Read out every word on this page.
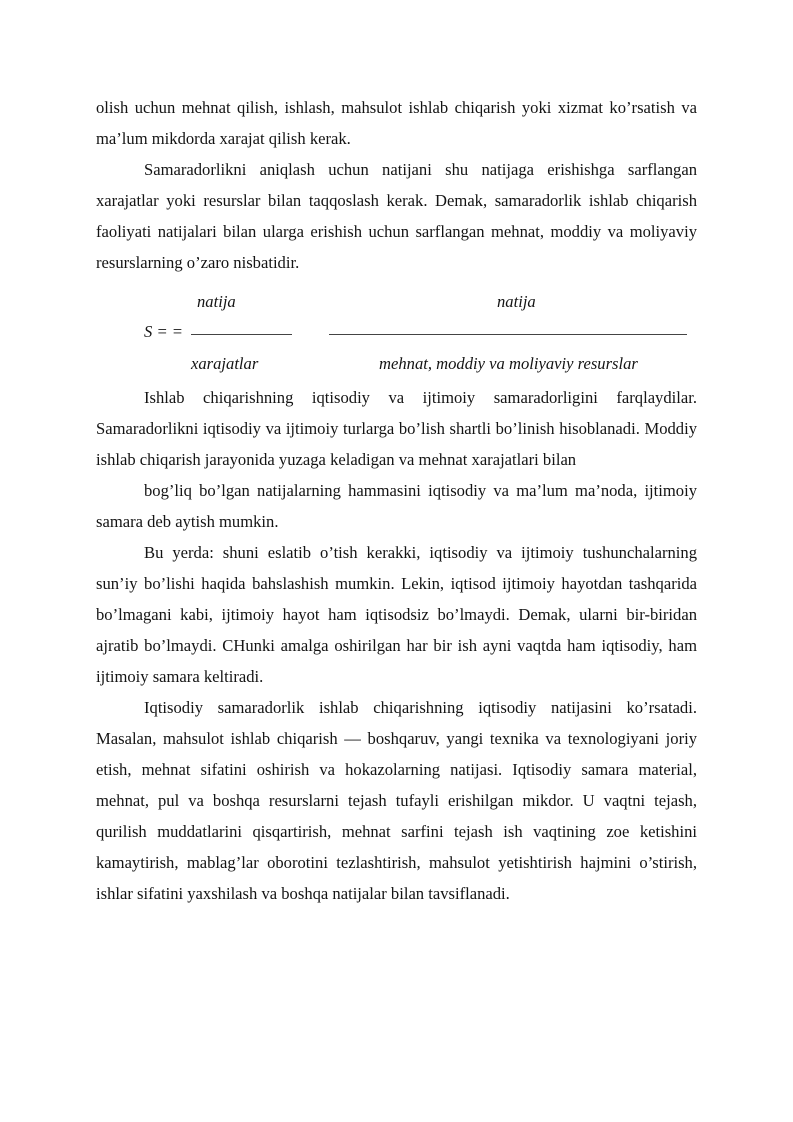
olish uchun mehnat qilish, ishlash, mahsulot ishlab chiqarish yoki xizmat ko’rsatish va ma’lum mikdorda xarajat qilish kerak.

Samaradorlikni aniqlash uchun natijani shu natijaga erishishga sarflangan xarajatlar yoki resurslar bilan taqqoslash kerak. Demak, samaradorlik ishlab chiqarish faoliyati natijalari bilan ularga erishish uchun sarflangan mehnat, moddiy va moliyaviy resurslarning o’zaro nisbatidir.

natija	natija
S = =
xarajatlar	mehnat, moddiy va moliyaviy resurslar

Ishlab chiqarishning iqtisodiy va ijtimoiy samaradorligini farqlaydilar. Samaradorlikni iqtisodiy va ijtimoiy turlarga bo’lish shartli bo’linish hisoblanadi. Moddiy ishlab chiqarish jarayonida yuzaga keladigan va mehnat xarajatlari bilan

bog’liq bo’lgan natijalarning hammasini iqtisodiy va ma’lum ma’noda, ijtimoiy samara deb aytish mumkin.

Bu yerda: shuni eslatib o’tish kerakki, iqtisodiy va ijtimoiy tushunchalarning sun’iy bo’lishi haqida bahslashish mumkin. Lekin, iqtisod ijtimoiy hayotdan tashqarida bo’lmagani kabi, ijtimoiy hayot ham iqtisodsiz bo’lmaydi. Demak, ularni bir-biridan ajratib bo’lmaydi. CHunki amalga oshirilgan har bir ish ayni vaqtda ham iqtisodiy, ham ijtimoiy samara keltiradi.

Iqtisodiy samaradorlik ishlab chiqarishning iqtisodiy natijasini ko’rsatadi. Masalan, mahsulot ishlab chiqarish — boshqaruv, yangi texnika va texnologiyani joriy etish, mehnat sifatini oshirish va hokazolarning natijasi. Iqtisodiy samara material, mehnat, pul va boshqa resurslarni tejash tufayli erishilgan mikdor. U vaqtni tejash, qurilish muddatlarini qisqartirish, mehnat sarfini tejash ish vaqtining zoe ketishini kamaytirish, mablag’lar oborotini tezlashtirish, mahsulot yetishtirish hajmini o’stirish, ishlar sifatini yaxshilash va boshqa natijalar bilan tavsiflanadi.
